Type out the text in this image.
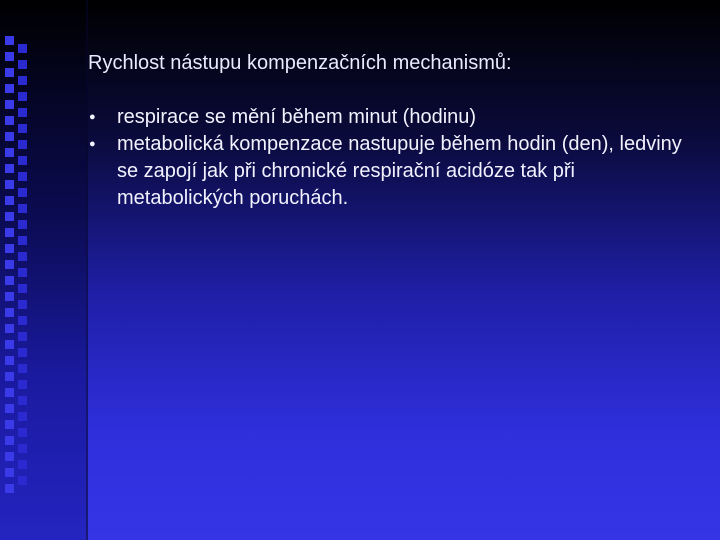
Rychlost nástupu kompenzačních mechanismů:
●	respirace se mění během minut (hodinu)
●	metabolická kompenzace nastupuje během hodin (den), ledviny se zapojí jak při chronické respirační acidóze tak při metabolických poruchách.
